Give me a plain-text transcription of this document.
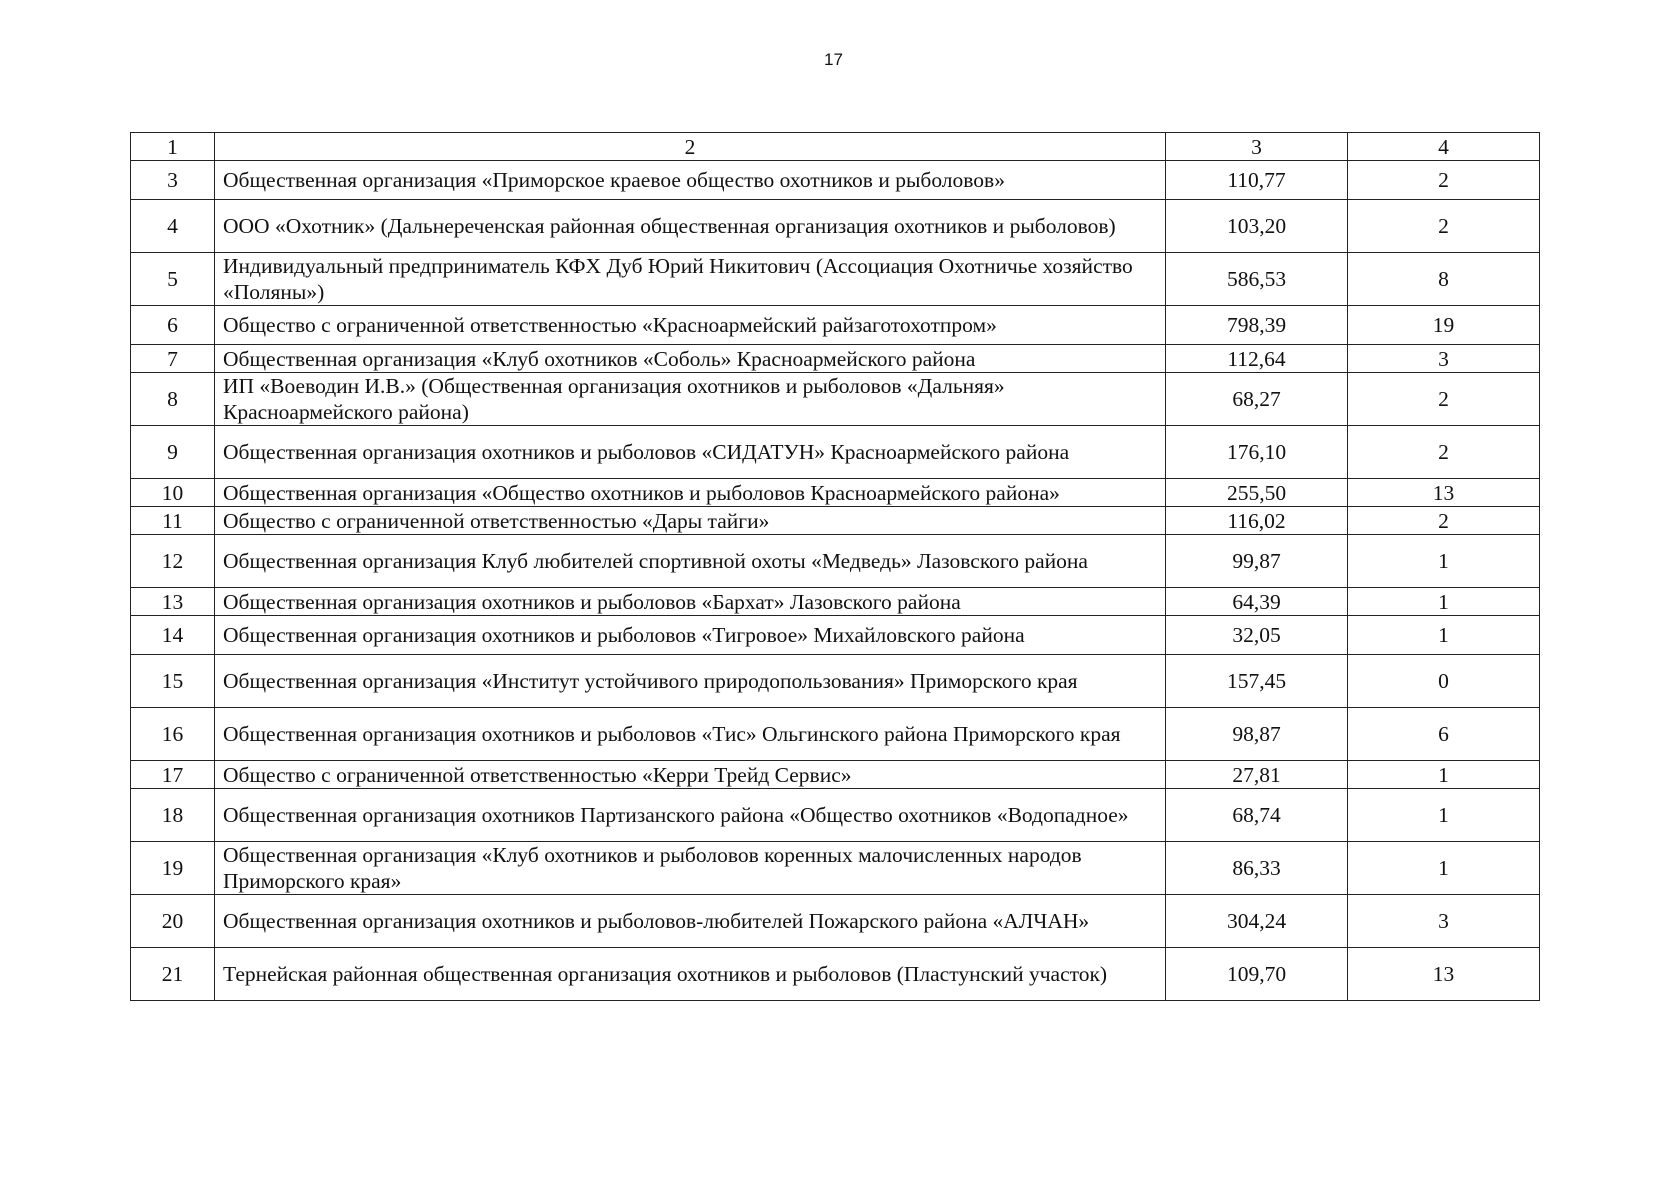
17
1	2	3	4
3	Общественная организация «Приморское краевое общество охотников и рыболовов»	110,77	2
4	ООО «Охотник» (Дальнереченская районная общественная организация охотников и рыболовов)	103,20	2
5	Индивидуальный предприниматель КФХ Дуб Юрий Никитович (Ассоциация Охотничье хозяйство «Поляны»)	586,53	8
6	Общество с ограниченной ответственностью «Красноармейский райзаготохотпром»	798,39	19
7	Общественная организация «Клуб охотников «Соболь» Красноармейского района	112,64	3
8	ИП «Воеводин И.В.» (Общественная организация охотников и рыболовов «Дальняя» Красноармейского района)	68,27	2
9	Общественная организация охотников и рыболовов «СИДАТУН» Красноармейского района	176,10	2
10	Общественная организация «Общество охотников и рыболовов Красноармейского района»	255,50	13
11	Общество с ограниченной ответственностью «Дары тайги»	116,02	2
12	Общественная организация Клуб любителей спортивной охоты «Медведь» Лазовского района	99,87	1
13	Общественная организация охотников и рыболовов «Бархат» Лазовского района	64,39	1
14	Общественная организация охотников и рыболовов «Тигровое» Михайловского района	32,05	1
15	Общественная организация «Институт устойчивого природопользования» Приморского края	157,45	0
16	Общественная организация охотников и рыболовов «Тис» Ольгинского района Приморского края	98,87	6
17	Общество с ограниченной ответственностью «Керри Трейд Сервис»	27,81	1
18	Общественная организация охотников Партизанского района «Общество охотников «Водопадное»	68,74	1
19	Общественная организация «Клуб охотников и рыболовов коренных малочисленных народов Приморского края»	86,33	1
20	Общественная организация охотников и рыболовов-любителей Пожарского района «АЛЧАН»	304,24	3
21	Тернейская районная общественная организация охотников и рыболовов (Пластунский участок)	109,70	13
